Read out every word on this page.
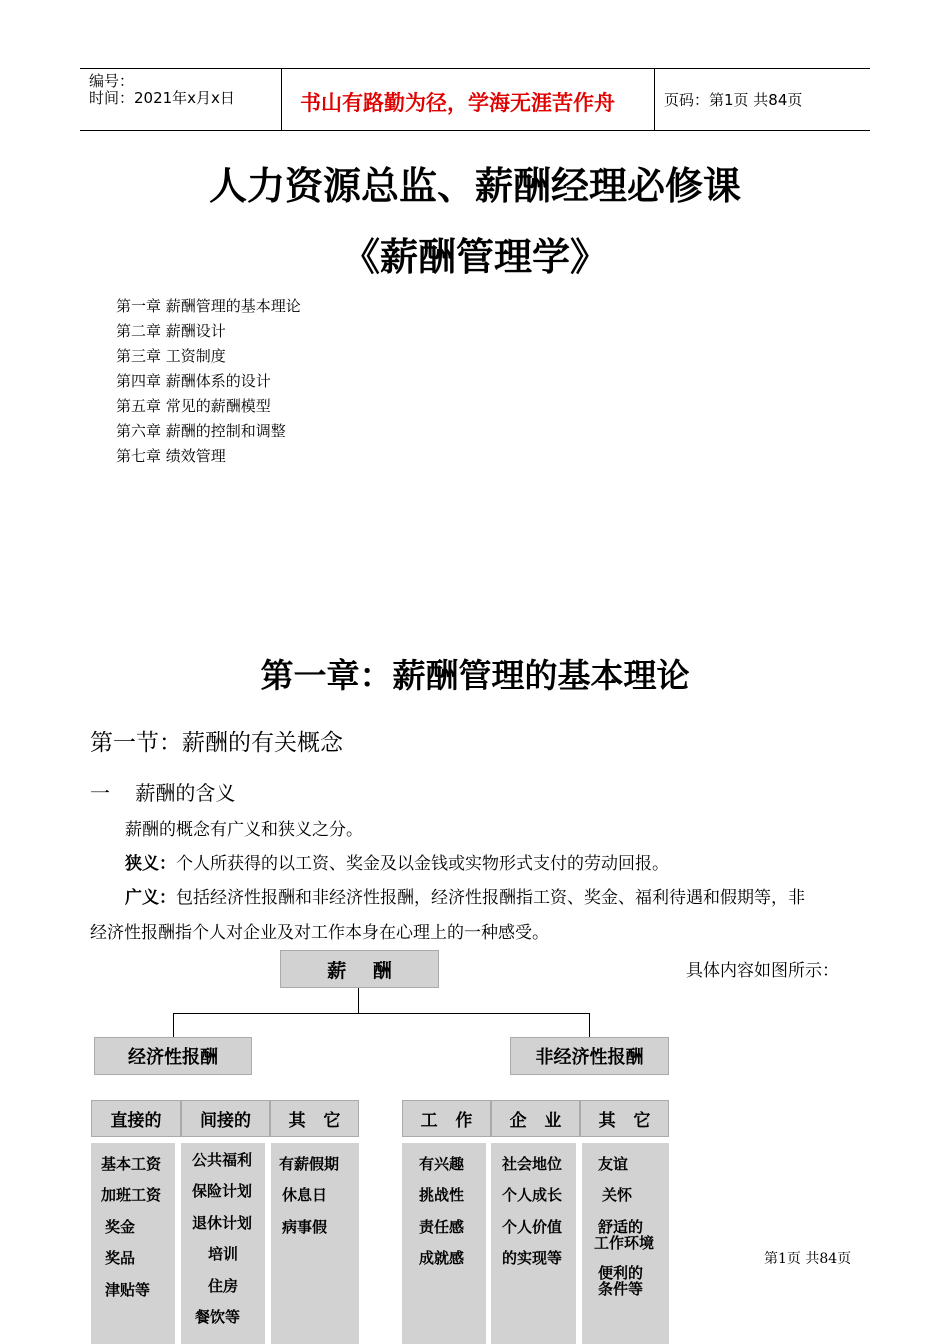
编号：
时间：2021年x月x日	书山有路勤为径，学海无涯苦作舟	页码：第1页 共84页
人力资源总监、薪酬经理必修课
《薪酬管理学》
第一章 薪酬管理的基本理论
第二章 薪酬设计
第三章 工资制度
第四章 薪酬体系的设计
第五章 常见的薪酬模型
第六章 薪酬的控制和调整
第七章 绩效管理
第一章：薪酬管理的基本理论
第一节：薪酬的有关概念
一    薪酬的含义
薪酬的概念有广义和狭义之分。
狭义：个人所获得的以工资、奖金及以金钱或实物形式支付的劳动回报。
广义：包括经济性报酬和非经济性报酬，经济性报酬指工资、奖金、福利待遇和假期等，非
经济性报酬指个人对企业及对工作本身在心理上的一种感受。
具体内容如图所示：
薪    酬
经济性报酬	非经济性报酬
直接的	间接的	其   它	工   作	企   业	其   它
基本工资
加班工资
奖金
奖品
津贴等
公共福利
保险计划
退休计划
培训
住房
餐饮等
有薪假期
休息日
病事假
有兴趣
挑战性
责任感
成就感
社会地位
个人成长
个人价值
的实现等
友谊
关怀
舒适的
工作环境
便利的
条件等
第1页 共84页
